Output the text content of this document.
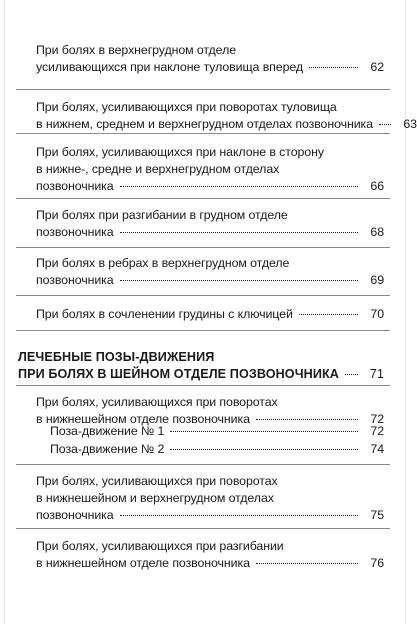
При болях в верхнегрудном отделе
усиливающихся при наклоне туловища вперед	62
При болях, усиливающихся при поворотах туловища
в нижнем, среднем и верхнегрудном отделах позвоночника	63
При болях, усиливающихся при наклоне в сторону
в нижне-, средне и верхнегрудном отделах
позвоночника	66
При болях при разгибании в грудном отделе
позвоночника	68
При болях в ребрах в верхнегрудном отделе
позвоночника	69
При болях в сочленении грудины с ключицей	70
ЛЕЧЕБНЫЕ ПОЗЫ-ДВИЖЕНИЯ
ПРИ БОЛЯХ В ШЕЙНОМ ОТДЕЛЕ ПОЗВОНОЧНИКА	71
При болях, усиливающихся при поворотах
в нижнешейном отделе позвоночника	72
Поза-движение № 1	72
Поза-движение № 2	74
При болях, усиливающихся при поворотах
в нижнешейном и верхнегрудном отделах
позвоночника	75
При болях, усиливающихся при разгибании
в нижнешейном отделе позвоночника	76
